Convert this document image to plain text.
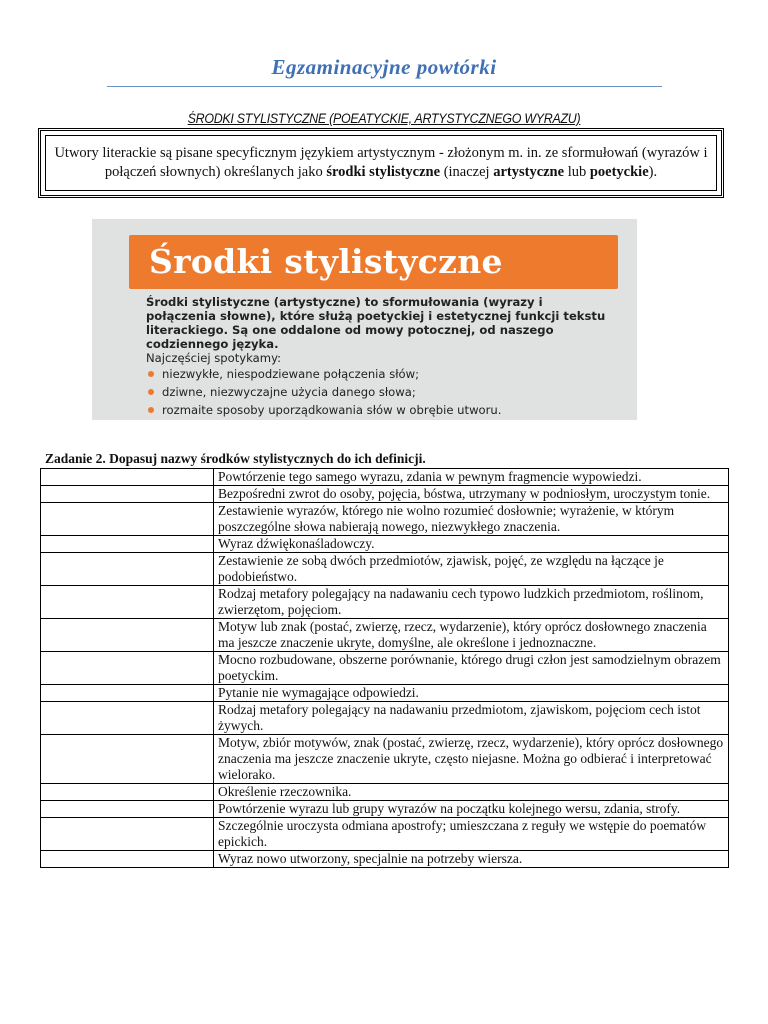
Egzaminacyjne powtórki
ŚRODKI STYLISTYCZNE (POEATYCKIE, ARTYSTYCZNEGO WYRAZU)
Utwory literackie są pisane specyficznym językiem artystycznym - złożonym m. in. ze sformułowań (wyrazów i połączeń słownych) określanych jako środki stylistyczne (inaczej artystyczne lub poetyckie).
Środki stylistyczne
Środki stylistyczne (artystyczne) to sformułowania (wyrazy i połączenia słowne), które służą poetyckiej i estetycznej funkcji tekstu literackiego. Są one oddalone od mowy potocznej, od naszego codziennego języka.
Najczęściej spotykamy:
niezwykłe, niespodziewane połączenia słów;
dziwne, niezwyczajne użycia danego słowa;
rozmaite sposoby uporządkowania słów w obrębie utworu.
Zadanie 2. Dopasuj nazwy środków stylistycznych do ich definicji.
	Powtórzenie tego samego wyrazu, zdania w pewnym fragmencie wypowiedzi.
	Bezpośredni zwrot do osoby, pojęcia, bóstwa, utrzymany w podniosłym, uroczystym tonie.
	Zestawienie wyrazów, którego nie wolno rozumieć dosłownie; wyrażenie, w którym poszczególne słowa nabierają nowego, niezwykłego znaczenia.
	Wyraz dźwiękonaśladowczy.
	Zestawienie ze sobą dwóch przedmiotów, zjawisk, pojęć, ze względu na łączące je podobieństwo.
	Rodzaj metafory polegający na nadawaniu cech typowo ludzkich przedmiotom, roślinom, zwierzętom, pojęciom.
	Motyw lub znak (postać, zwierzę, rzecz, wydarzenie), który oprócz dosłownego znaczenia ma jeszcze znaczenie ukryte, domyślne, ale określone i jednoznaczne.
	Mocno rozbudowane, obszerne porównanie, którego drugi człon jest samodzielnym obrazem poetyckim.
	Pytanie nie wymagające odpowiedzi.
	Rodzaj metafory polegający na nadawaniu przedmiotom, zjawiskom, pojęciom cech istot żywych.
	Motyw, zbiór motywów, znak (postać, zwierzę, rzecz, wydarzenie), który oprócz dosłownego znaczenia ma jeszcze znaczenie ukryte, często niejasne. Można go odbierać i interpretować wielorako.
	Określenie rzeczownika.
	Powtórzenie wyrazu lub grupy wyrazów na początku kolejnego wersu, zdania, strofy.
	Szczególnie uroczysta odmiana apostrofy; umieszczana z reguły we wstępie do poematów epickich.
	Wyraz nowo utworzony, specjalnie na potrzeby wiersza.
